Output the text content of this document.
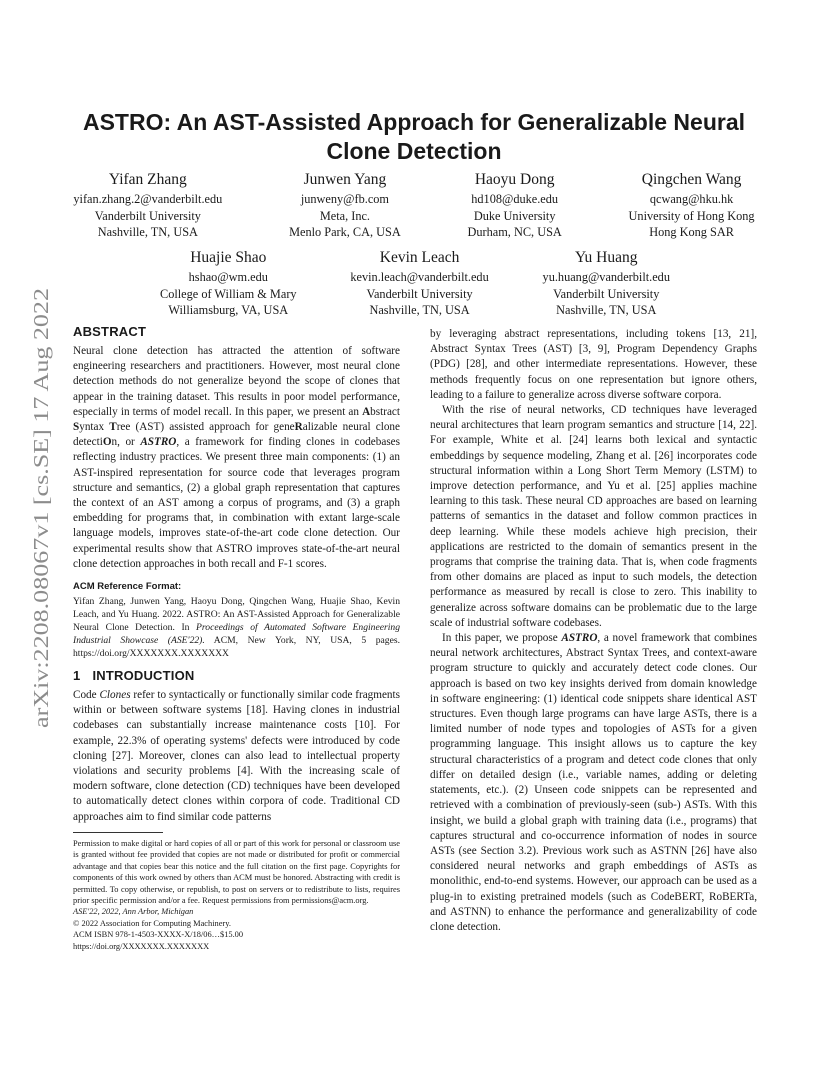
arXiv:2208.08067v1 [cs.SE] 17 Aug 2022
ASTRO: An AST-Assisted Approach for Generalizable Neural Clone Detection
Yifan Zhang
yifan.zhang.2@vanderbilt.edu
Vanderbilt University
Nashville, TN, USA
Junwen Yang
junweny@fb.com
Meta, Inc.
Menlo Park, CA, USA
Haoyu Dong
hd108@duke.edu
Duke University
Durham, NC, USA
Qingchen Wang
qcwang@hku.hk
University of Hong Kong
Hong Kong SAR
Huajie Shao
hshao@wm.edu
College of William & Mary
Williamsburg, VA, USA
Kevin Leach
kevin.leach@vanderbilt.edu
Vanderbilt University
Nashville, TN, USA
Yu Huang
yu.huang@vanderbilt.edu
Vanderbilt University
Nashville, TN, USA
ABSTRACT

Neural clone detection has attracted the attention of software engineering researchers and practitioners. However, most neural clone detection methods do not generalize beyond the scope of clones that appear in the training dataset. This results in poor model performance, especially in terms of model recall. In this paper, we present an Abstract Syntax Tree (AST) assisted approach for geneRalizable neural clone detectiOn, or ASTRO, a framework for finding clones in codebases reflecting industry practices. We present three main components: (1) an AST-inspired representation for source code that leverages program structure and semantics, (2) a global graph representation that captures the context of an AST among a corpus of programs, and (3) a graph embedding for programs that, in combination with extant large-scale language models, improves state-of-the-art code clone detection. Our experimental results show that ASTRO improves state-of-the-art neural clone detection approaches in both recall and F-1 scores.

ACM Reference Format:
Yifan Zhang, Junwen Yang, Haoyu Dong, Qingchen Wang, Huajie Shao, Kevin Leach, and Yu Huang. 2022. ASTRO: An AST-Assisted Approach for Generalizable Neural Clone Detection. In Proceedings of Automated Software Engineering Industrial Showcase (ASE'22). ACM, New York, NY, USA, 5 pages. https://doi.org/XXXXXXX.XXXXXXX
1 INTRODUCTION

Code Clones refer to syntactically or functionally similar code fragments within or between software systems [18]. Having clones in industrial codebases can substantially increase maintenance costs [10]. For example, 22.3% of operating systems' defects were introduced by code cloning [27]. Moreover, clones can also lead to intellectual property violations and security problems [4]. With the increasing scale of modern software, clone detection (CD) techniques have been developed to automatically detect clones within corpora of code. Traditional CD approaches aim to find similar code patterns

Permission to make digital or hard copies of all or part of this work for personal or classroom use is granted without fee provided that copies are not made or distributed for profit or commercial advantage and that copies bear this notice and the full citation on the first page. Copyrights for components of this work owned by others than ACM must be honored. Abstracting with credit is permitted. To copy otherwise, or republish, to post on servers or to redistribute to lists, requires prior specific permission and/or a fee. Request permissions from permissions@acm.org.

ASE'22, 2022, Ann Arbor, Michigan

© 2022 Association for Computing Machinery.

ACM ISBN 978-1-4503-XXXX-X/18/06…$15.00

https://doi.org/XXXXXXX.XXXXXXX

by leveraging abstract representations, including tokens [13, 21], Abstract Syntax Trees (AST) [3, 9], Program Dependency Graphs (PDG) [28], and other intermediate representations. However, these methods frequently focus on one representation but ignore others, leading to a failure to generalize across diverse software corpora.

With the rise of neural networks, CD techniques have leveraged neural architectures that learn program semantics and structure [14, 22]. For example, White et al. [24] learns both lexical and syntactic embeddings by sequence modeling, Zhang et al. [26] incorporates code structural information within a Long Short Term Memory (LSTM) to improve detection performance, and Yu et al. [25] applies machine learning to this task. These neural CD approaches are based on learning patterns of semantics in the dataset and follow common practices in deep learning. While these models achieve high precision, their applications are restricted to the domain of semantics present in the programs that comprise the training data. That is, when code fragments from other domains are placed as input to such models, the detection performance as measured by recall is close to zero. This inability to generalize across software domains can be problematic due to the large scale of industrial software codebases.

In this paper, we propose ASTRO, a novel framework that combines neural network architectures, Abstract Syntax Trees, and context-aware program structure to quickly and accurately detect code clones. Our approach is based on two key insights derived from domain knowledge in software engineering: (1) identical code snippets share identical AST structures. Even though large programs can have large ASTs, there is a limited number of node types and topologies of ASTs for a given programming language. This insight allows us to capture the key structural characteristics of a program and detect code clones that only differ on detailed design (i.e., variable names, adding or deleting statements, etc.). (2) Unseen code snippets can be represented and retrieved with a combination of previously-seen (sub-) ASTs. With this insight, we build a global graph with training data (i.e., programs) that captures structural and co-occurrence information of nodes in source ASTs (see Section 3.2). Previous work such as ASTNN [26] have also considered neural networks and graph embeddings of ASTs as monolithic, end-to-end systems. However, our approach can be used as a plug-in to existing pretrained models (such as CodeBERT, RoBERTa, and ASTNN) to enhance the performance and generalizability of code clone detection.
